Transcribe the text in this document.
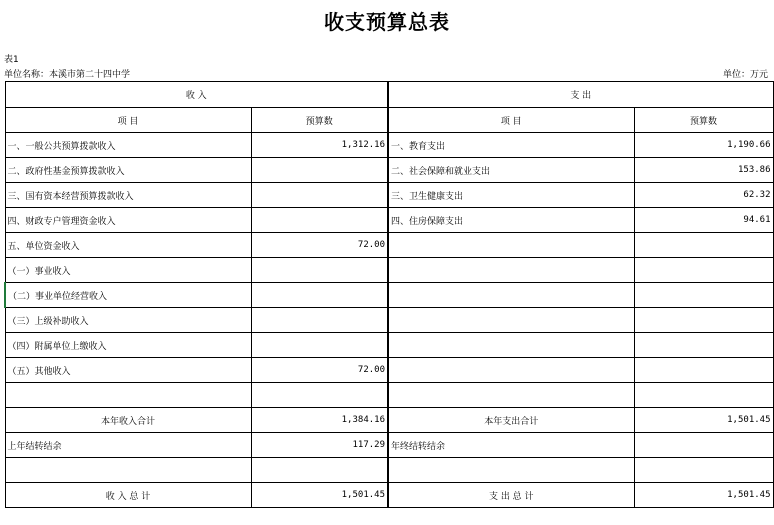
收支预算总表
表1
单位名称：本溪市第二十四中学	单位：万元
收 入		支 出	
项 目	预算数	项 目	预算数
一、一般公共预算拨款收入	1,312.16	一、教育支出	1,190.66
二、政府性基金预算拨款收入		二、社会保障和就业支出	153.86
三、国有资本经营预算拨款收入		三、卫生健康支出	62.32
四、财政专户管理资金收入		四、住房保障支出	94.61
五、单位资金收入	72.00		
（一）事业收入			
（二）事业单位经营收入			
（三）上级补助收入			
（四）附属单位上缴收入			
（五）其他收入	72.00		

本年收入合计	1,384.16	本年支出合计	1,501.45
上年结转结余	117.29	年终结转结余	

收 入 总 计	1,501.45	支 出 总 计	1,501.45
